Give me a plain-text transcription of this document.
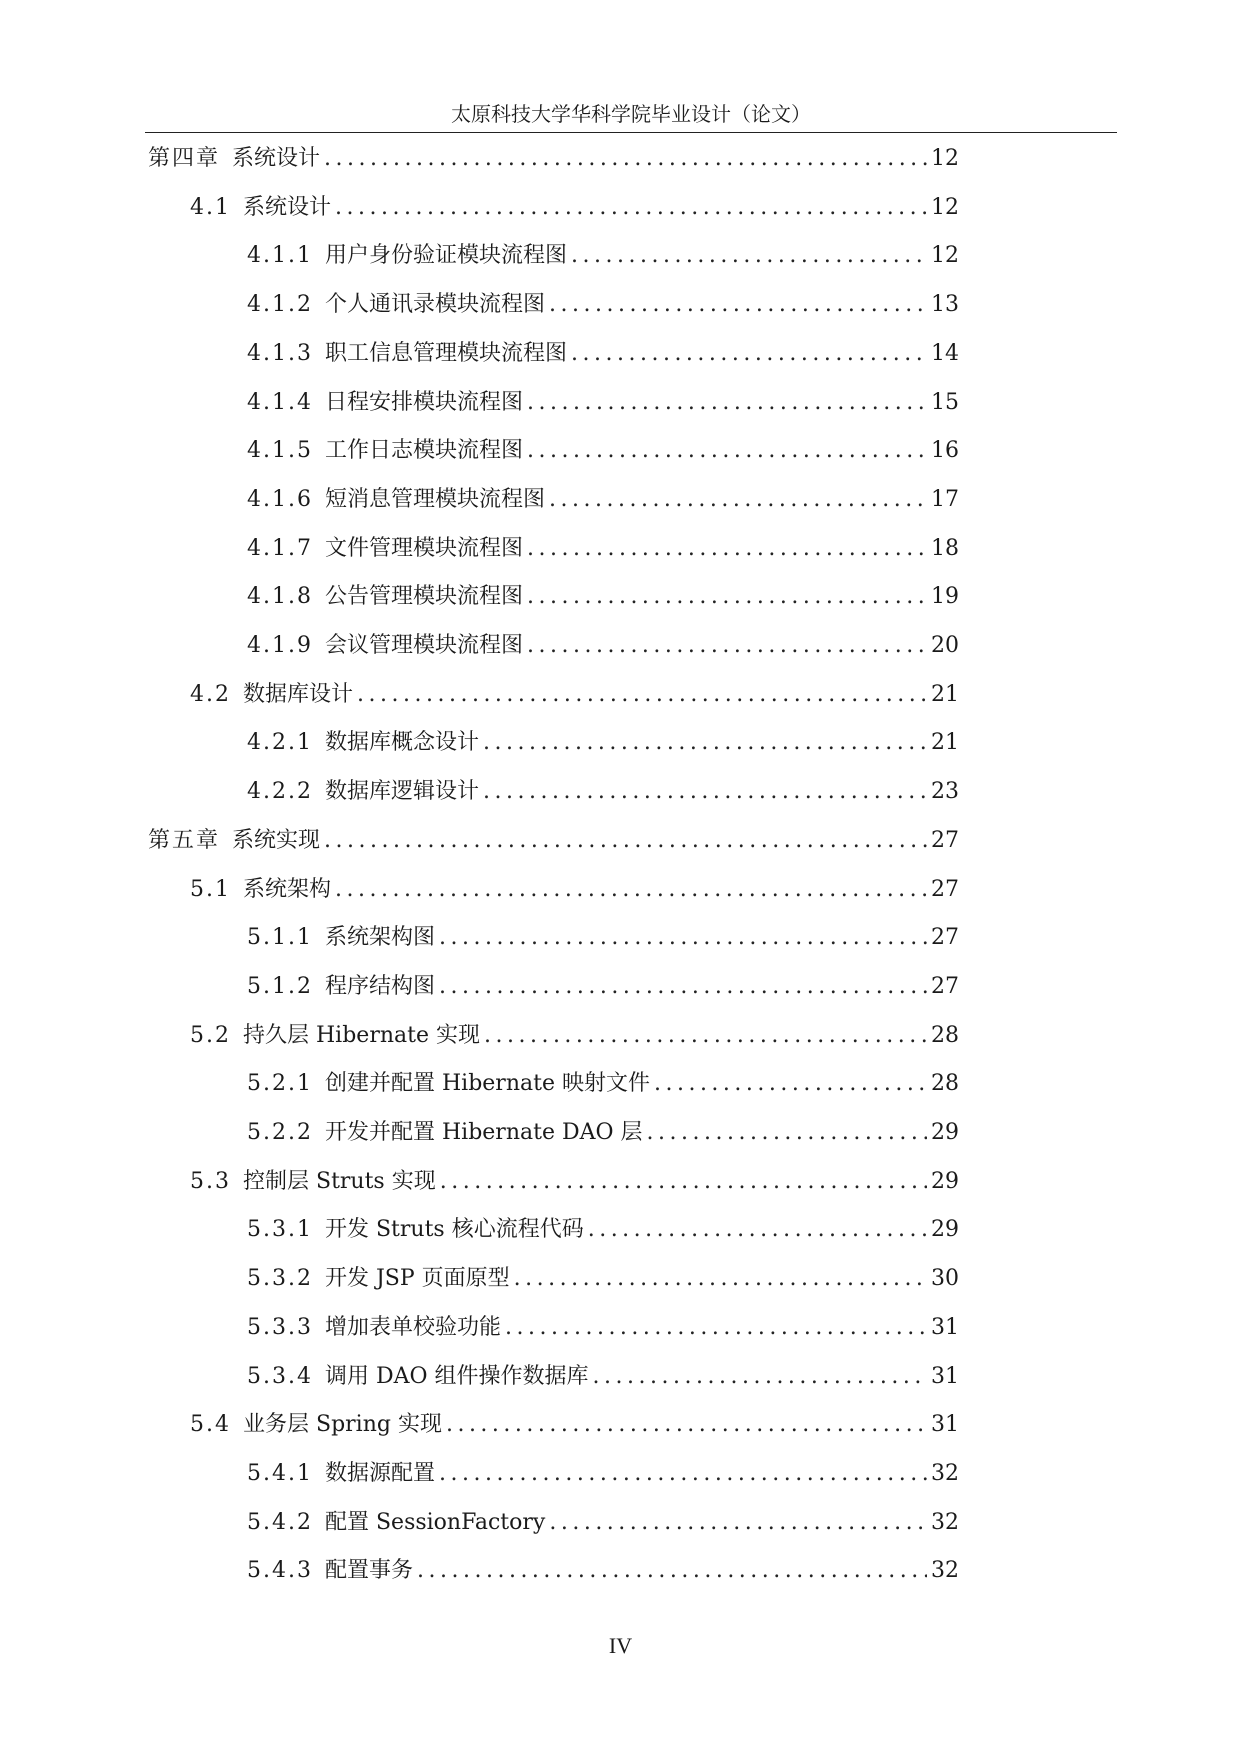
太原科技大学华科学院毕业设计（论文）
第四章 系统设计 .....	12
4.1 系统设计 .....	12
4.1.1 用户身份验证模块流程图 .....	12
4.1.2 个人通讯录模块流程图 .....	13
4.1.3 职工信息管理模块流程图 .....	14
4.1.4 日程安排模块流程图 .....	15
4.1.5 工作日志模块流程图 .....	16
4.1.6 短消息管理模块流程图 .....	17
4.1.7 文件管理模块流程图 .....	18
4.1.8 公告管理模块流程图 .....	19
4.1.9 会议管理模块流程图 .....	20
4.2 数据库设计 .....	21
4.2.1 数据库概念设计 .....	21
4.2.2 数据库逻辑设计 .....	23
第五章 系统实现 .....	27
5.1 系统架构 .....	27
5.1.1 系统架构图 .....	27
5.1.2 程序结构图 .....	27
5.2 持久层 Hibernate 实现 .....	28
5.2.1 创建并配置 Hibernate 映射文件 .....	28
5.2.2 开发并配置 Hibernate DAO 层 .....	29
5.3 控制层 Struts 实现 .....	29
5.3.1 开发 Struts 核心流程代码 .....	29
5.3.2 开发 JSP 页面原型 .....	30
5.3.3 增加表单校验功能 .....	31
5.3.4 调用 DAO 组件操作数据库 .....	31
5.4 业务层 Spring 实现 .....	31
5.4.1 数据源配置 .....	32
5.4.2 配置 SessionFactory .....	32
5.4.3 配置事务 .....	32
IV
